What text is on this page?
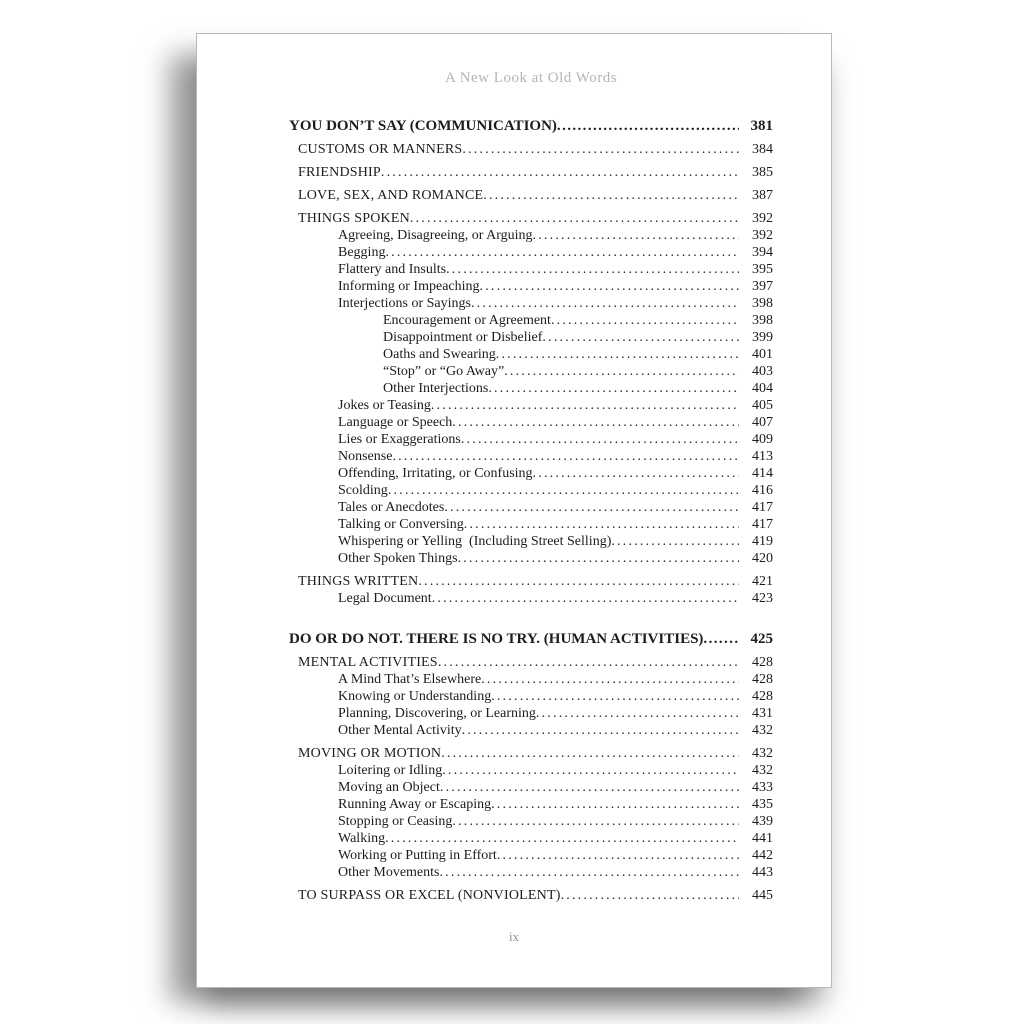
A New Look at Old Words
YOU DON’T SAY (COMMUNICATION) .....	381
CUSTOMS OR MANNERS .....	384
FRIENDSHIP .....	385
LOVE, SEX, AND ROMANCE .....	387
THINGS SPOKEN .....	392
Agreeing, Disagreeing, or Arguing .....	392
Begging .....	394
Flattery and Insults .....	395
Informing or Impeaching .....	397
Interjections or Sayings .....	398
Encouragement or Agreement .....	398
Disappointment or Disbelief .....	399
Oaths and Swearing .....	401
“Stop” or “Go Away” .....	403
Other Interjections .....	404
Jokes or Teasing .....	405
Language or Speech .....	407
Lies or Exaggerations .....	409
Nonsense .....	413
Offending, Irritating, or Confusing .....	414
Scolding .....	416
Tales or Anecdotes .....	417
Talking or Conversing .....	417
Whispering or Yelling  (Including Street Selling) .....	419
Other Spoken Things .....	420
THINGS WRITTEN .....	421
Legal Document .....	423
DO OR DO NOT. THERE IS NO TRY. (HUMAN ACTIVITIES) .....	425
MENTAL ACTIVITIES .....	428
A Mind That’s Elsewhere .....	428
Knowing or Understanding .....	428
Planning, Discovering, or Learning .....	431
Other Mental Activity .....	432
MOVING OR MOTION .....	432
Loitering or Idling .....	432
Moving an Object .....	433
Running Away or Escaping .....	435
Stopping or Ceasing .....	439
Walking .....	441
Working or Putting in Effort .....	442
Other Movements .....	443
TO SURPASS OR EXCEL (NONVIOLENT) .....	445
ix
